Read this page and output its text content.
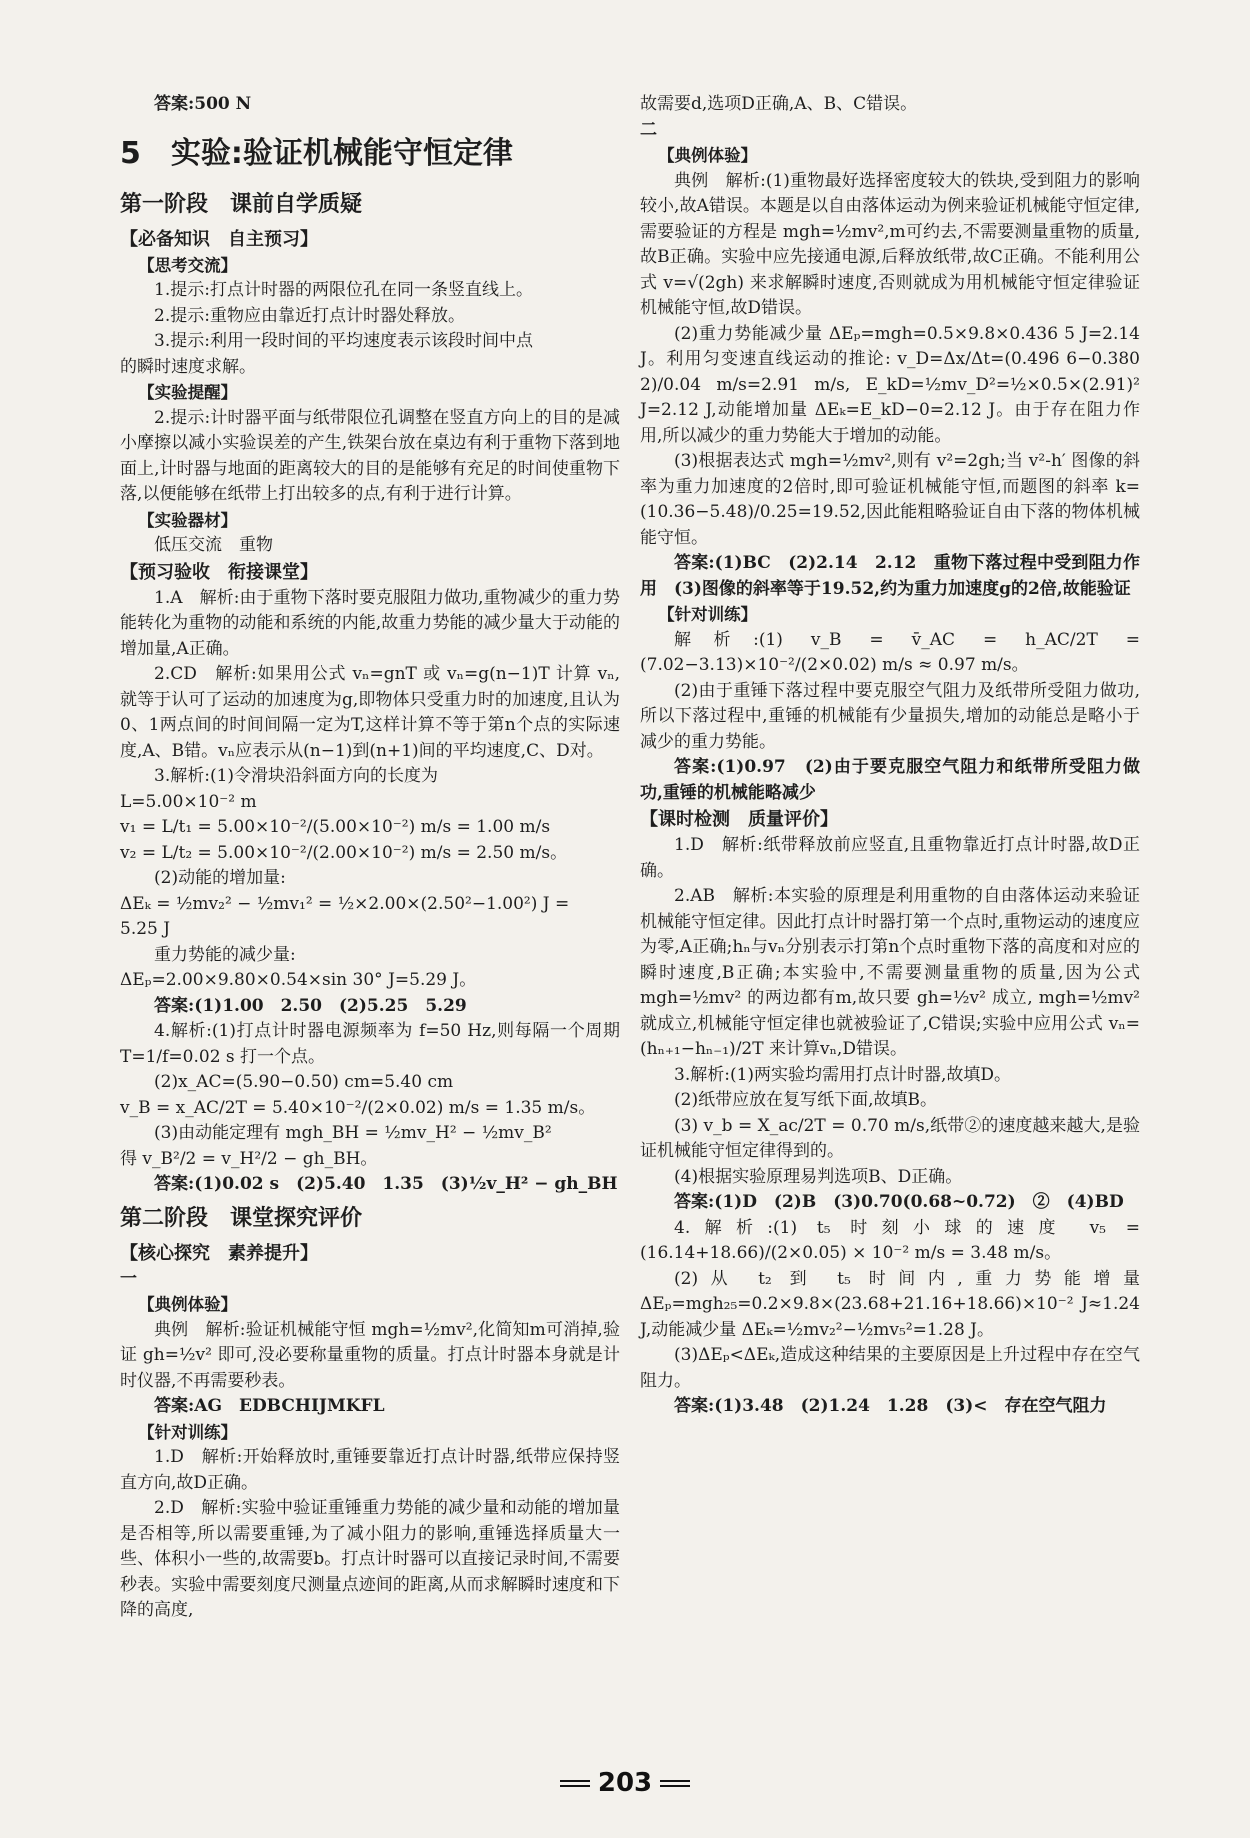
答案:500 N

5　实验:验证机械能守恒定律

第一阶段　课前自学质疑

【必备知识　自主预习】

【思考交流】

1.提示:打点计时器的两限位孔在同一条竖直线上。

2.提示:重物应由靠近打点计时器处释放。

3.提示:利用一段时间的平均速度表示该段时间中点

的瞬时速度求解。

【实验提醒】

2.提示:计时器平面与纸带限位孔调整在竖直方向上的目的是减小摩擦以减小实验误差的产生,铁架台放在桌边有利于重物下落到地面上,计时器与地面的距离较大的目的是能够有充足的时间使重物下落,以便能够在纸带上打出较多的点,有利于进行计算。

【实验器材】

低压交流　重物

【预习验收　衔接课堂】

1.A　解析:由于重物下落时要克服阻力做功,重物减少的重力势能转化为重物的动能和系统的内能,故重力势能的减少量大于动能的增加量,A正确。

2.CD　解析:如果用公式 vₙ=gnT 或 vₙ=g(n−1)T 计算 vₙ,就等于认可了运动的加速度为g,即物体只受重力时的加速度,且认为0、1两点间的时间间隔一定为T,这样计算不等于第n个点的实际速度,A、B错。vₙ应表示从(n−1)到(n+1)间的平均速度,C、D对。

3.解析:(1)令滑块沿斜面方向的长度为

L=5.00×10⁻² m

v₁ = L/t₁ = 5.00×10⁻²/(5.00×10⁻²) m/s = 1.00 m/s

v₂ = L/t₂ = 5.00×10⁻²/(2.00×10⁻²) m/s = 2.50 m/s。

(2)动能的增加量:

ΔEₖ = ½mv₂² − ½mv₁² = ½×2.00×(2.50²−1.00²) J =

5.25 J

重力势能的减少量:

ΔEₚ=2.00×9.80×0.54×sin 30° J=5.29 J。

答案:(1)1.00　2.50　(2)5.25　5.29

4.解析:(1)打点计时器电源频率为 f=50 Hz,则每隔一个周期 T=1/f=0.02 s 打一个点。

(2)x_AC=(5.90−0.50) cm=5.40 cm

v_B = x_AC/2T = 5.40×10⁻²/(2×0.02) m/s = 1.35 m/s。

(3)由动能定理有 mgh_BH = ½mv_H² − ½mv_B²

得 v_B²/2 = v_H²/2 − gh_BH。

答案:(1)0.02 s　(2)5.40　1.35　(3)½v_H² − gh_BH

第二阶段　课堂探究评价

【核心探究　素养提升】

一

【典例体验】

典例　解析:验证机械能守恒 mgh=½mv²,化简知m可消掉,验证 gh=½v² 即可,没必要称量重物的质量。打点计时器本身就是计时仪器,不再需要秒表。

答案:AG　EDBCHIJMKFL

【针对训练】

1.D　解析:开始释放时,重锤要靠近打点计时器,纸带应保持竖直方向,故D正确。

2.D　解析:实验中验证重锤重力势能的减少量和动能的增加量是否相等,所以需要重锤,为了减小阻力的影响,重锤选择质量大一些、体积小一些的,故需要b。打点计时器可以直接记录时间,不需要秒表。实验中需要刻度尺测量点迹间的距离,从而求解瞬时速度和下降的高度,

故需要d,选项D正确,A、B、C错误。

二

【典例体验】

典例　解析:(1)重物最好选择密度较大的铁块,受到阻力的影响较小,故A错误。本题是以自由落体运动为例来验证机械能守恒定律,需要验证的方程是 mgh=½mv²,m可约去,不需要测量重物的质量,故B正确。实验中应先接通电源,后释放纸带,故C正确。不能利用公式 v=√(2gh) 来求解瞬时速度,否则就成为用机械能守恒定律验证机械能守恒,故D错误。

(2)重力势能减少量 ΔEₚ=mgh=0.5×9.8×0.436 5 J=2.14 J。利用匀变速直线运动的推论: v_D=Δx/Δt=(0.496 6−0.380 2)/0.04 m/s=2.91 m/s, E_kD=½mv_D²=½×0.5×(2.91)² J=2.12 J,动能增加量 ΔEₖ=E_kD−0=2.12 J。由于存在阻力作用,所以减少的重力势能大于增加的动能。

(3)根据表达式 mgh=½mv²,则有 v²=2gh;当 v²-h′ 图像的斜率为重力加速度的2倍时,即可验证机械能守恒,而题图的斜率 k=(10.36−5.48)/0.25=19.52,因此能粗略验证自由下落的物体机械能守恒。

答案:(1)BC　(2)2.14　2.12　重物下落过程中受到阻力作用　(3)图像的斜率等于19.52,约为重力加速度g的2倍,故能验证

【针对训练】

解析:(1) v_B = v̄_AC = h_AC/2T = (7.02−3.13)×10⁻²/(2×0.02) m/s ≈ 0.97 m/s。

(2)由于重锤下落过程中要克服空气阻力及纸带所受阻力做功,所以下落过程中,重锤的机械能有少量损失,增加的动能总是略小于减少的重力势能。

答案:(1)0.97　(2)由于要克服空气阻力和纸带所受阻力做功,重锤的机械能略减少

【课时检测　质量评价】

1.D　解析:纸带释放前应竖直,且重物靠近打点计时器,故D正确。

2.AB　解析:本实验的原理是利用重物的自由落体运动来验证机械能守恒定律。因此打点计时器打第一个点时,重物运动的速度应为零,A正确;hₙ与vₙ分别表示打第n个点时重物下落的高度和对应的瞬时速度,B正确;本实验中,不需要测量重物的质量,因为公式 mgh=½mv² 的两边都有m,故只要 gh=½v² 成立, mgh=½mv² 就成立,机械能守恒定律也就被验证了,C错误;实验中应用公式 vₙ=(hₙ₊₁−hₙ₋₁)/2T 来计算vₙ,D错误。

3.解析:(1)两实验均需用打点计时器,故填D。

(2)纸带应放在复写纸下面,故填B。

(3) v_b = X_ac/2T = 0.70 m/s,纸带②的速度越来越大,是验证机械能守恒定律得到的。

(4)根据实验原理易判选项B、D正确。

答案:(1)D　(2)B　(3)0.70(0.68~0.72)　②　(4)BD

4.解析:(1) t₅ 时刻小球的速度 v₅ = (16.14+18.66)/(2×0.05) × 10⁻² m/s = 3.48 m/s。

(2)从 t₂ 到 t₅ 时间内,重力势能增量 ΔEₚ=mgh₂₅=0.2×9.8×(23.68+21.16+18.66)×10⁻² J≈1.24 J,动能减少量 ΔEₖ=½mv₂²−½mv₅²=1.28 J。

(3)ΔEₚ<ΔEₖ,造成这种结果的主要原因是上升过程中存在空气阻力。

答案:(1)3.48　(2)1.24　1.28　(3)<　存在空气阻力

203
